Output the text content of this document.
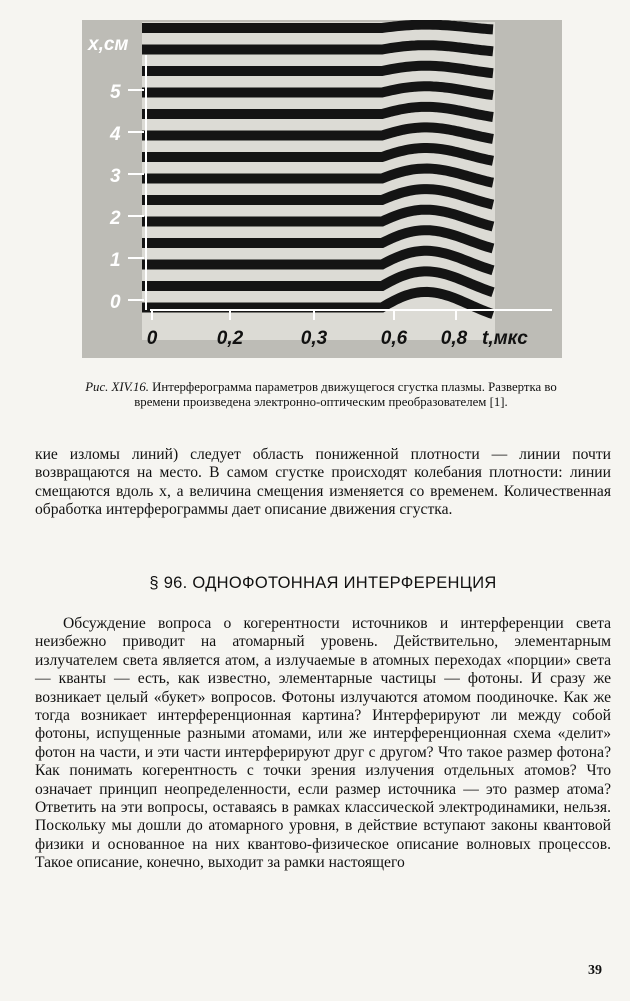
x,см
5
4
3
2
1
0
0	0,2	0,3	0,6 0,8 t,мкс
Рис. XIV.16. Интерферограмма параметров движущегося сгустка плазмы. Развертка во времени произведена электронно-оптическим преобразователем [1].

кие изломы линий) следует область пониженной плотности — линии почти возвращаются на место. В самом сгустке происходят колебания плотности: линии смещаются вдоль x, а величина смещения изменяется со временем. Количественная обработка интерферограммы дает описание движения сгустка.

§ 96. ОДНОФОТОННАЯ ИНТЕРФЕРЕНЦИЯ

Обсуждение вопроса о когерентности источников и интерференции света неизбежно приводит на атомарный уровень. Действительно, элементарным излучателем света является атом, а излучаемые в атомных переходах «порции» света — кванты — есть, как известно, элементарные частицы — фотоны. И сразу же возникает целый «букет» вопросов. Фотоны излучаются атомом поодиночке. Как же тогда возникает интерференционная картина? Интерферируют ли между собой фотоны, испущенные разными атомами, или же интерференционная схема «делит» фотон на части, и эти части интерферируют друг с другом? Что такое размер фотона? Как понимать когерентность с точки зрения излучения отдельных атомов? Что означает принцип неопределенности, если размер источника — это размер атома? Ответить на эти вопросы, оставаясь в рамках классической электродинамики, нельзя. Поскольку мы дошли до атомарного уровня, в действие вступают законы квантовой физики и основанное на них квантово-физическое описание волновых процессов. Такое описание, конечно, выходит за рамки настоящего

39
